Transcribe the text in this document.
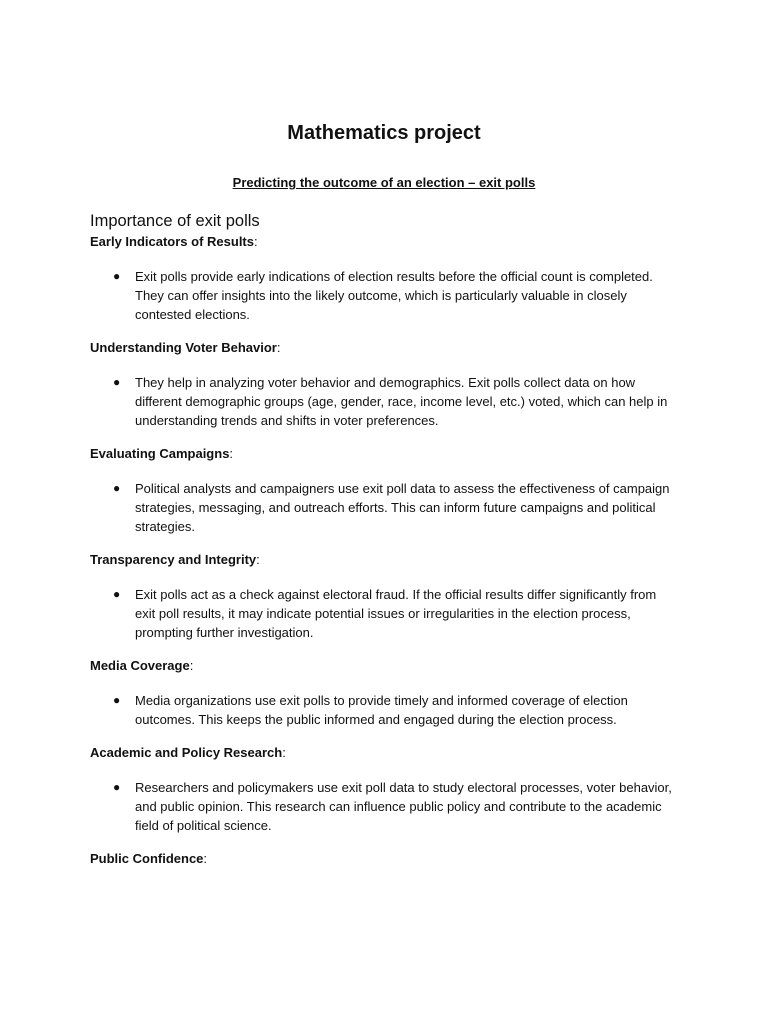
Mathematics project

Predicting the outcome of an election – exit polls

Importance of exit polls

Early Indicators of Results:

● Exit polls provide early indications of election results before the official count is completed. They can offer insights into the likely outcome, which is particularly valuable in closely contested elections.

Understanding Voter Behavior:

● They help in analyzing voter behavior and demographics. Exit polls collect data on how different demographic groups (age, gender, race, income level, etc.) voted, which can help in understanding trends and shifts in voter preferences.

Evaluating Campaigns:

● Political analysts and campaigners use exit poll data to assess the effectiveness of campaign strategies, messaging, and outreach efforts. This can inform future campaigns and political strategies.

Transparency and Integrity:

● Exit polls act as a check against electoral fraud. If the official results differ significantly from exit poll results, it may indicate potential issues or irregularities in the election process, prompting further investigation.

Media Coverage:

● Media organizations use exit polls to provide timely and informed coverage of election outcomes. This keeps the public informed and engaged during the election process.

Academic and Policy Research:

● Researchers and policymakers use exit poll data to study electoral processes, voter behavior, and public opinion. This research can influence public policy and contribute to the academic field of political science.

Public Confidence:
